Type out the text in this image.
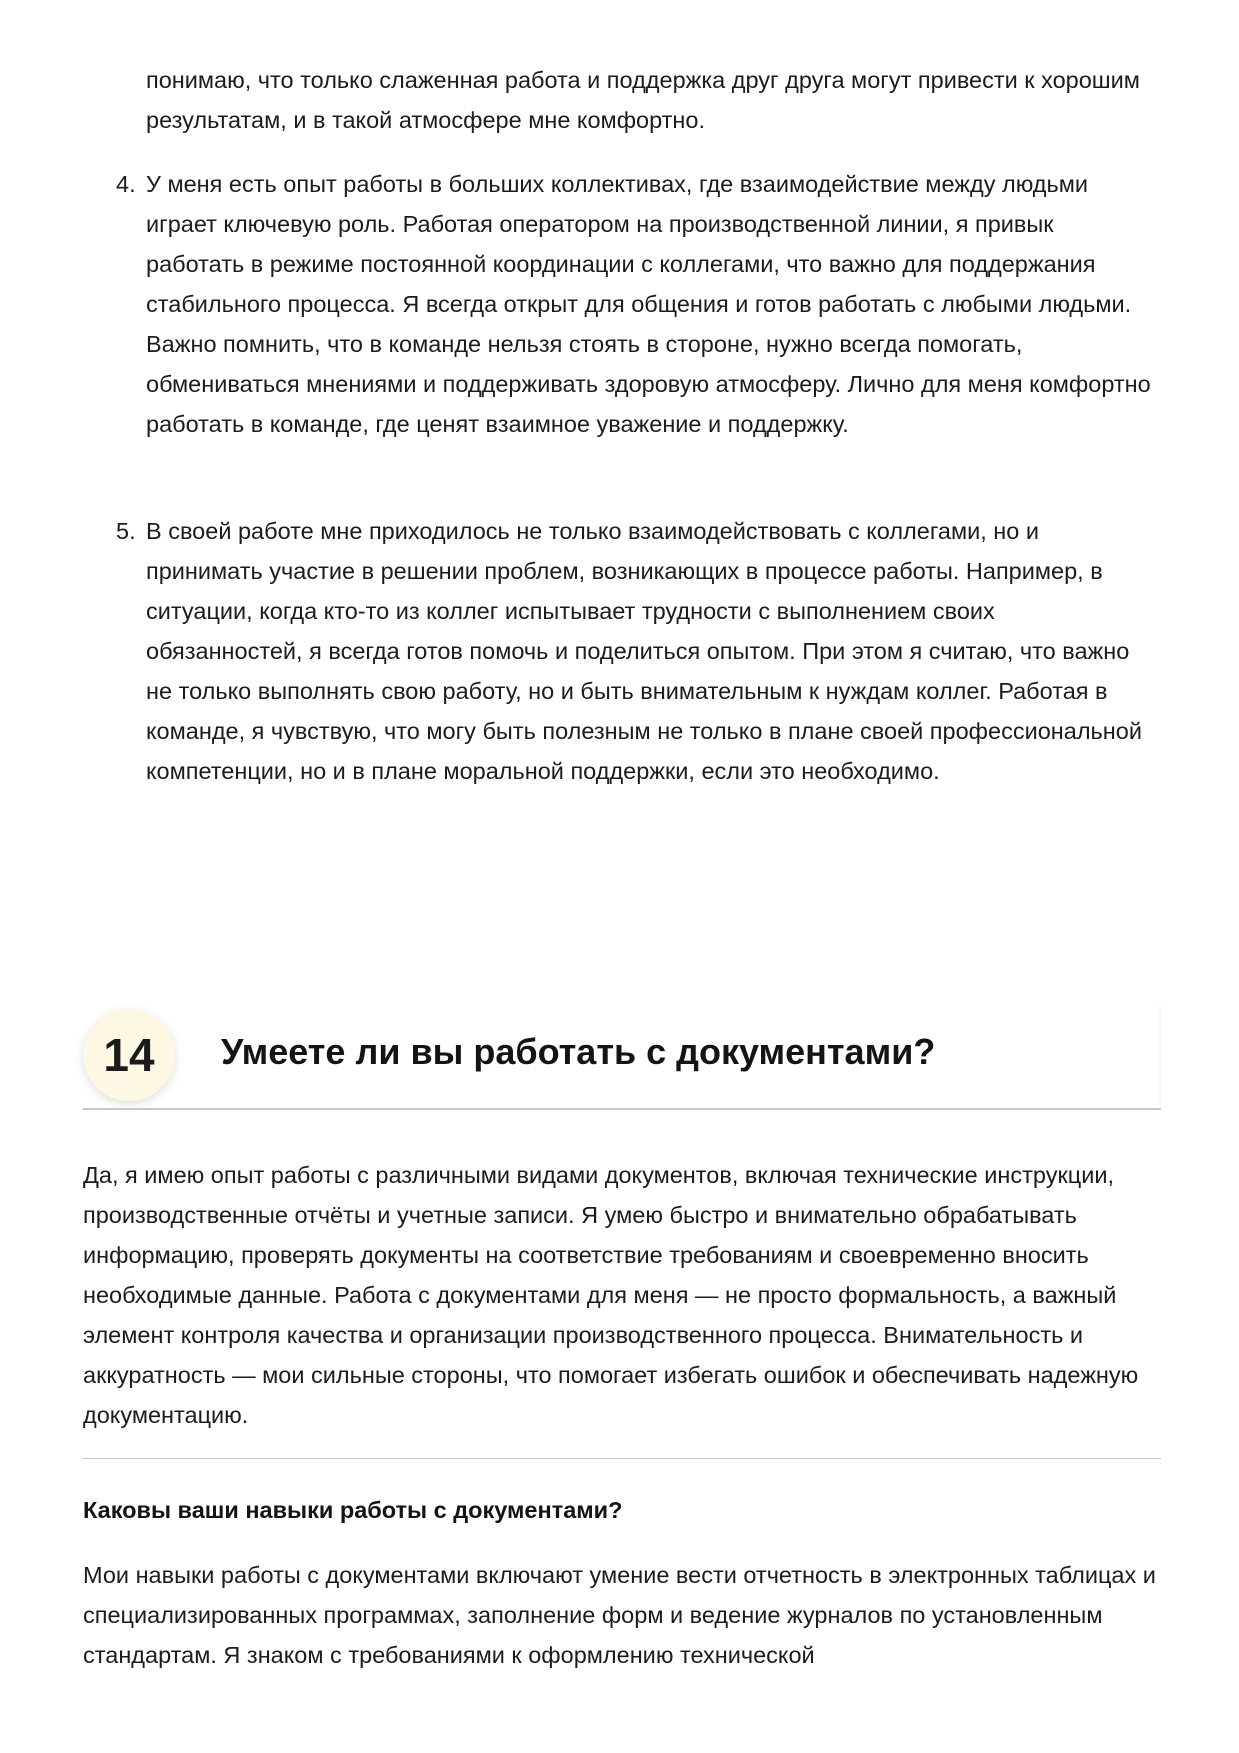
понимаю, что только слаженная работа и поддержка друг друга могут привести к хорошим результатам, и в такой атмосфере мне комфортно.

4. У меня есть опыт работы в больших коллективах, где взаимодействие между людьми играет ключевую роль. Работая оператором на производственной линии, я привык работать в режиме постоянной координации с коллегами, что важно для поддержания стабильного процесса. Я всегда открыт для общения и готов работать с любыми людьми. Важно помнить, что в команде нельзя стоять в стороне, нужно всегда помогать, обмениваться мнениями и поддерживать здоровую атмосферу. Лично для меня комфортно работать в команде, где ценят взаимное уважение и поддержку.

5. В своей работе мне приходилось не только взаимодействовать с коллегами, но и принимать участие в решении проблем, возникающих в процессе работы. Например, в ситуации, когда кто-то из коллег испытывает трудности с выполнением своих обязанностей, я всегда готов помочь и поделиться опытом. При этом я считаю, что важно не только выполнять свою работу, но и быть внимательным к нуждам коллег. Работая в команде, я чувствую, что могу быть полезным не только в плане своей профессиональной компетенции, но и в плане моральной поддержки, если это необходимо.

14	Умеете ли вы работать с документами?

Да, я имею опыт работы с различными видами документов, включая технические инструкции, производственные отчёты и учетные записи. Я умею быстро и внимательно обрабатывать информацию, проверять документы на соответствие требованиям и своевременно вносить необходимые данные. Работа с документами для меня — не просто формальность, а важный элемент контроля качества и организации производственного процесса. Внимательность и аккуратность — мои сильные стороны, что помогает избегать ошибок и обеспечивать надежную документацию.

Каковы ваши навыки работы с документами?

Мои навыки работы с документами включают умение вести отчетность в электронных таблицах и специализированных программах, заполнение форм и ведение журналов по установленным стандартам. Я знаком с требованиями к оформлению технической
